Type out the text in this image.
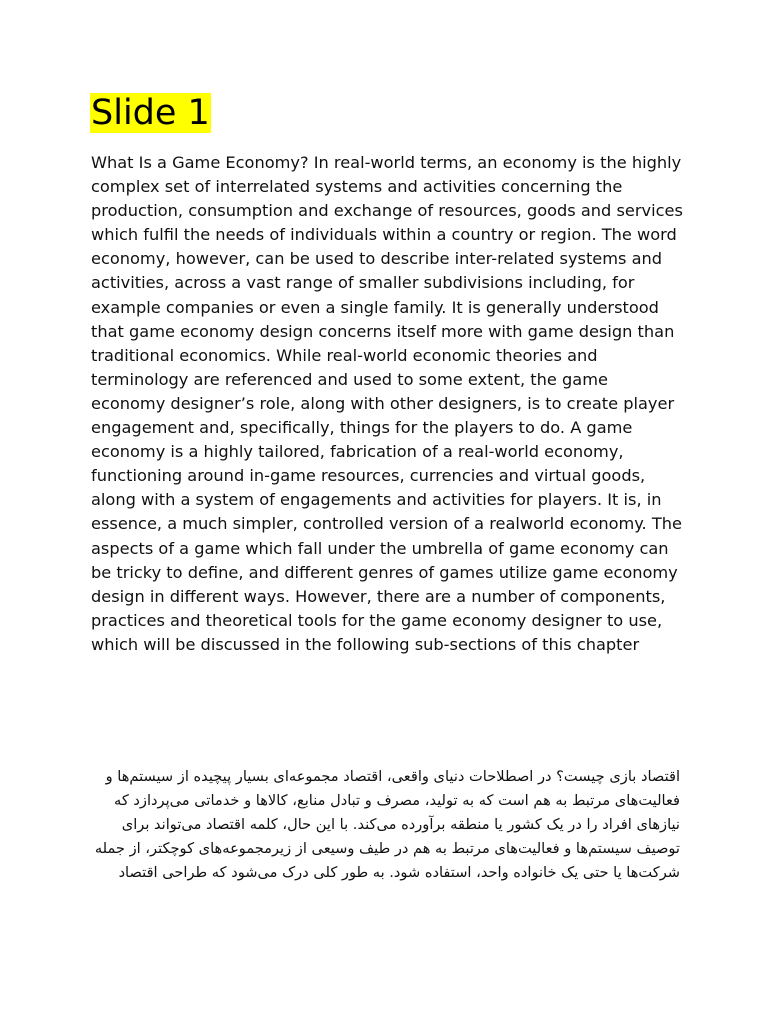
Slide 1

What Is a Game Economy? In real-world terms, an economy is the highly complex set of interrelated systems and activities concerning the production, consumption and exchange of resources, goods and services which fulfil the needs of individuals within a country or region. The word economy, however, can be used to describe inter-related systems and activities, across a vast range of smaller subdivisions including, for example companies or even a single family. It is generally understood that game economy design concerns itself more with game design than traditional economics. While real-world economic theories and terminology are referenced and used to some extent, the game economy designer’s role, along with other designers, is to create player engagement and, specifically, things for the players to do. A game economy is a highly tailored, fabrication of a real-world economy, functioning around in-game resources, currencies and virtual goods, along with a system of engagements and activities for players. It is, in essence, a much simpler, controlled version of a realworld economy. The aspects of a game which fall under the umbrella of game economy can be tricky to define, and different genres of games utilize game economy design in different ways. However, there are a number of components, practices and theoretical tools for the game economy designer to use, which will be discussed in the following sub-sections of this chapter

اقتصاد بازی چیست؟ در اصطلاحات دنیای واقعی، اقتصاد مجموعه‌ای بسیار پیچیده از سیستم‌ها و فعالیت‌های مرتبط به هم است که به تولید، مصرف و تبادل منابع، کالاها و خدماتی می‌پردازد که نیازهای افراد را در یک کشور یا منطقه برآورده می‌کند. با این حال، کلمه اقتصاد می‌تواند برای توصیف سیستم‌ها و فعالیت‌های مرتبط به هم در طیف وسیعی از زیرمجموعه‌های کوچکتر، از جمله شرکت‌ها یا حتی یک خانواده واحد، استفاده شود. به طور کلی درک می‌شود که طراحی اقتصاد
